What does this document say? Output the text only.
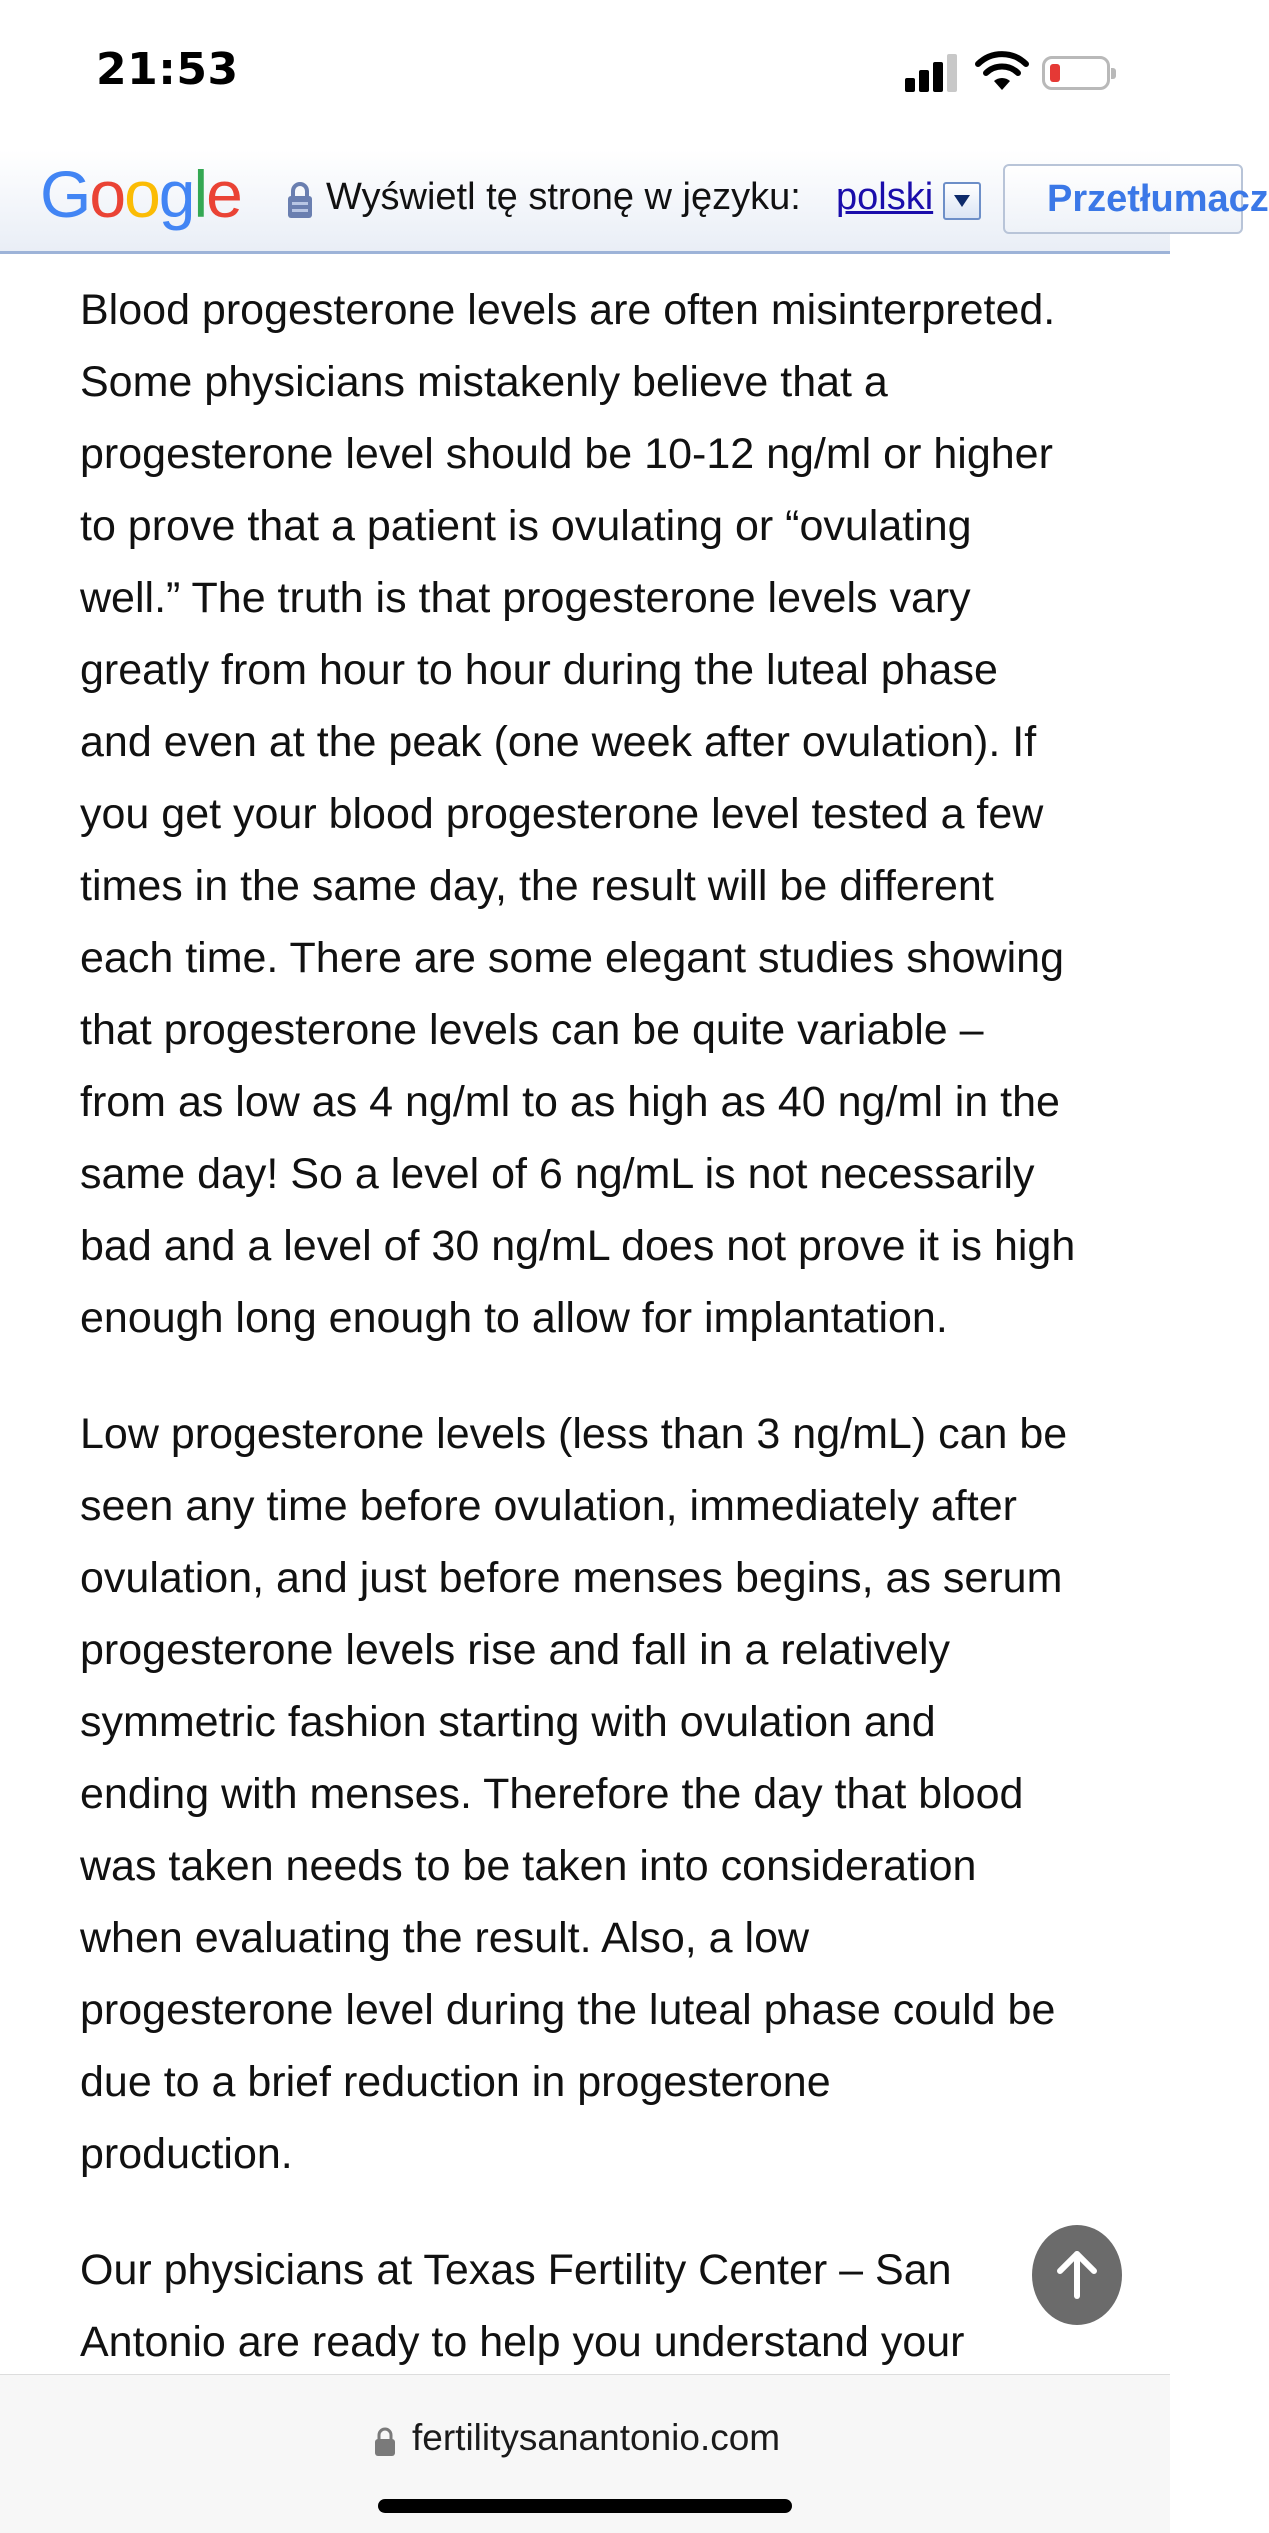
21:53
Google Wyświetl tę stronę w języku: polski	Przetłumacz

Blood progesterone levels are often misinterpreted.

Some physicians mistakenly believe that a

progesterone level should be 10-12 ng/ml or higher

to prove that a patient is ovulating or “ovulating

well.” The truth is that progesterone levels vary

greatly from hour to hour during the luteal phase

and even at the peak (one week after ovulation). If

you get your blood progesterone level tested a few

times in the same day, the result will be different

each time. There are some elegant studies showing

that progesterone levels can be quite variable –

from as low as 4 ng/ml to as high as 40 ng/ml in the

same day! So a level of 6 ng/mL is not necessarily

bad and a level of 30 ng/mL does not prove it is high

enough long enough to allow for implantation.

Low progesterone levels (less than 3 ng/mL) can be

seen any time before ovulation, immediately after

ovulation, and just before menses begins, as serum

progesterone levels rise and fall in a relatively

symmetric fashion starting with ovulation and

ending with menses. Therefore the day that blood

was taken needs to be taken into consideration

when evaluating the result. Also, a low

progesterone level during the luteal phase could be

due to a brief reduction in progesterone

production.

Our physicians at Texas Fertility Center – San

Antonio are ready to help you understand your

fertilitysanantonio.com
